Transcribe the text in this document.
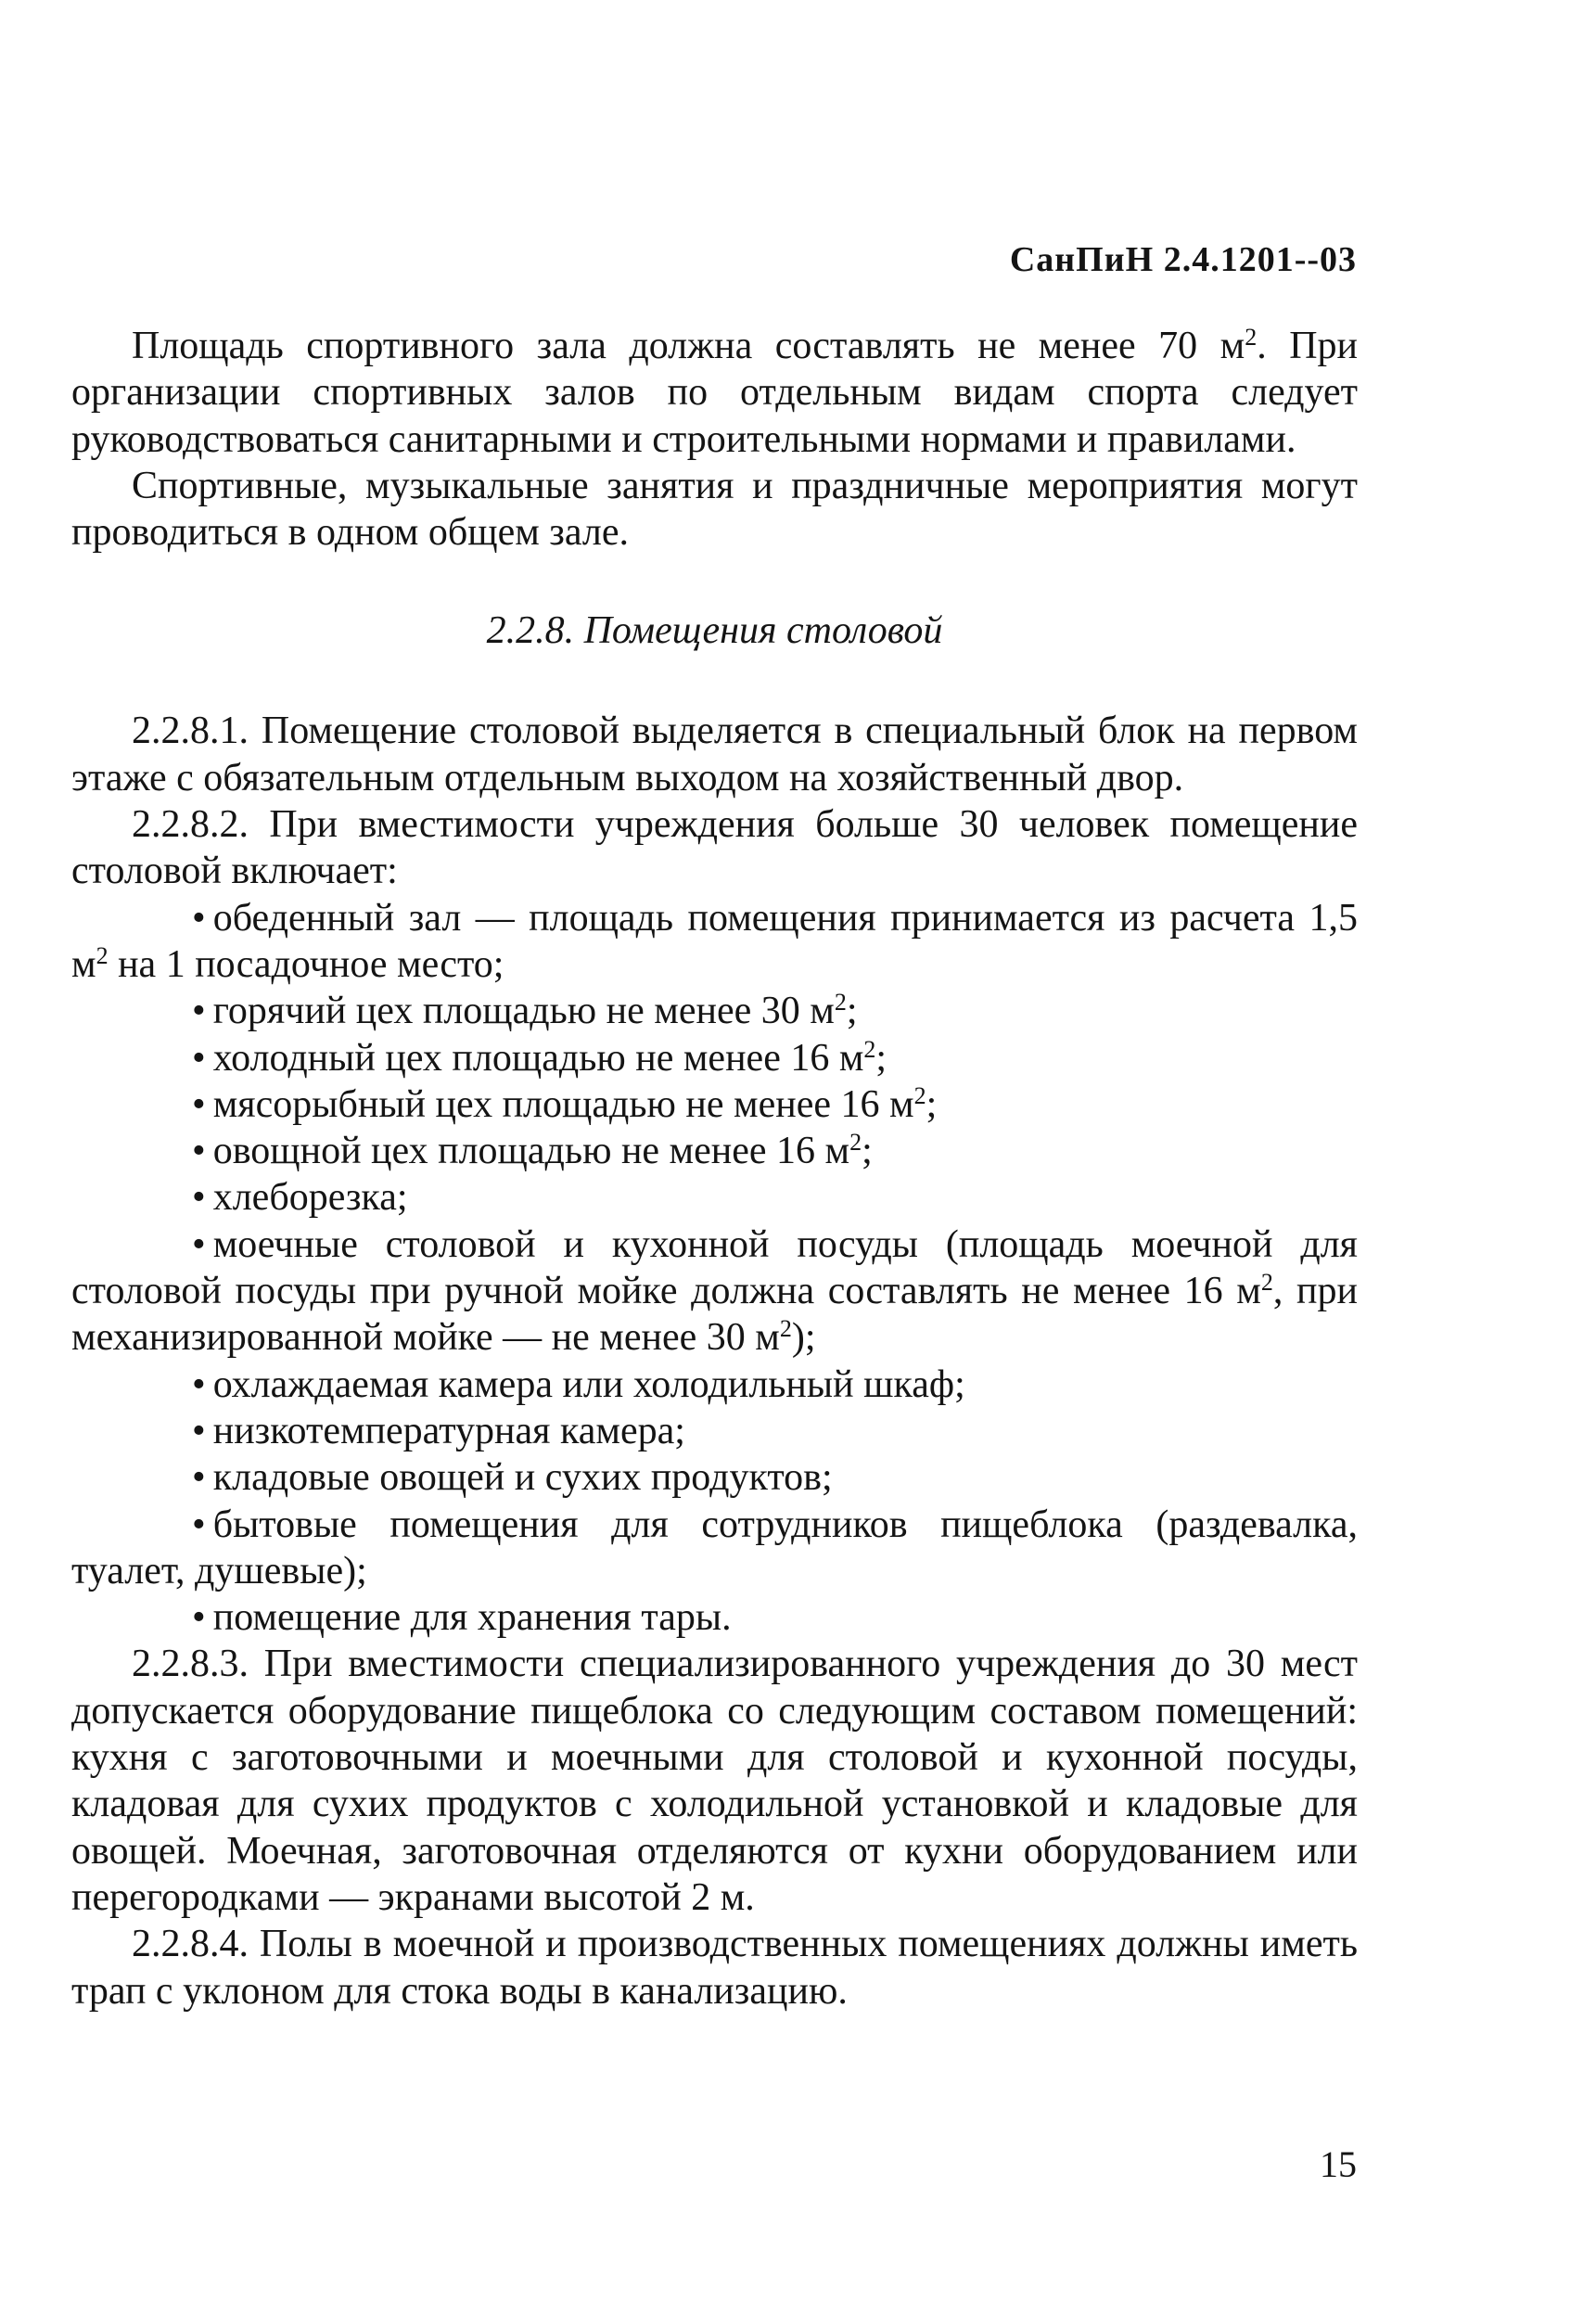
СанПиН 2.4.1201--03

Площадь спортивного зала должна составлять не менее 70 $м^2$. При организации спортивных залов по отдельным видам спорта следует руководствоваться санитарными и строительными нормами и правилами.

Спортивные, музыкальные занятия и праздничные мероприятия могут проводиться в одном общем зале.

2.2.8. Помещения столовой

2.2.8.1. Помещение столовой выделяется в специальный блок на первом этаже с обязательным отдельным выходом на хозяйственный двор.

2.2.8.2. При вместимости учреждения больше 30 человек помещение столовой включает:

• обеденный зал — площадь помещения принимается из расчета 1,5 $м^2$ на 1 посадочное место;

• горячий цех площадью не менее 30 $м^2$;

• холодный цех площадью не менее 16 $м^2$;

• мясорыбный цех площадью не менее 16 $м^2$;

• овощной цех площадью не менее 16 $м^2$;

• хлеборезка;

• моечные столовой и кухонной посуды (площадь моечной для столовой посуды при ручной мойке должна составлять не менее 16 $м^2$, при механизированной мойке — не менее 30 $м^2$);

• охлаждаемая камера или холодильный шкаф;

• низкотемпературная камера;

• кладовые овощей и сухих продуктов;

• бытовые помещения для сотрудников пищеблока (раздевалка, туалет, душевые);

• помещение для хранения тары.

2.2.8.3. При вместимости специализированного учреждения до 30 мест допускается оборудование пищеблока со следующим составом помещений: кухня с заготовочными и моечными для столовой и кухонной посуды, кладовая для сухих продуктов с холодильной установкой и кладовые для овощей. Моечная, заготовочная отделяются от кухни оборудованием или перегородками — экранами высотой 2 м.

2.2.8.4. Полы в моечной и производственных помещениях должны иметь трап с уклоном для стока воды в канализацию.

15
